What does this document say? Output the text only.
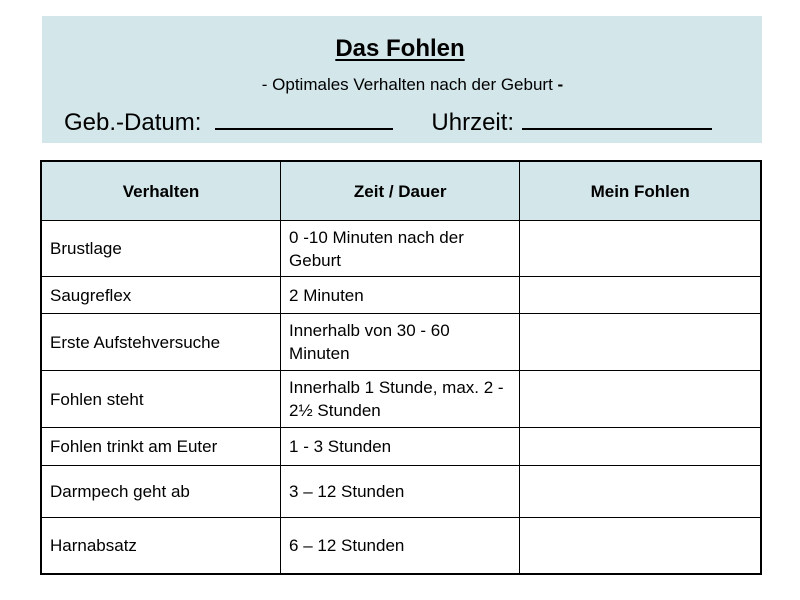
Das Fohlen
- Optimales Verhalten nach der Geburt -
Geb.-Datum:	Uhrzeit:
Verhalten	Zeit / Dauer	Mein Fohlen
Brustlage	0 -10 Minuten nach der Geburt	
Saugreflex	2 Minuten	
Erste Aufstehversuche	Innerhalb von 30 - 60 Minuten	
Fohlen steht	Innerhalb 1 Stunde, max. 2 - 2½ Stunden	
Fohlen trinkt am Euter	1 - 3 Stunden	
Darmpech geht ab	3 – 12 Stunden	
Harnabsatz	6 – 12 Stunden	
